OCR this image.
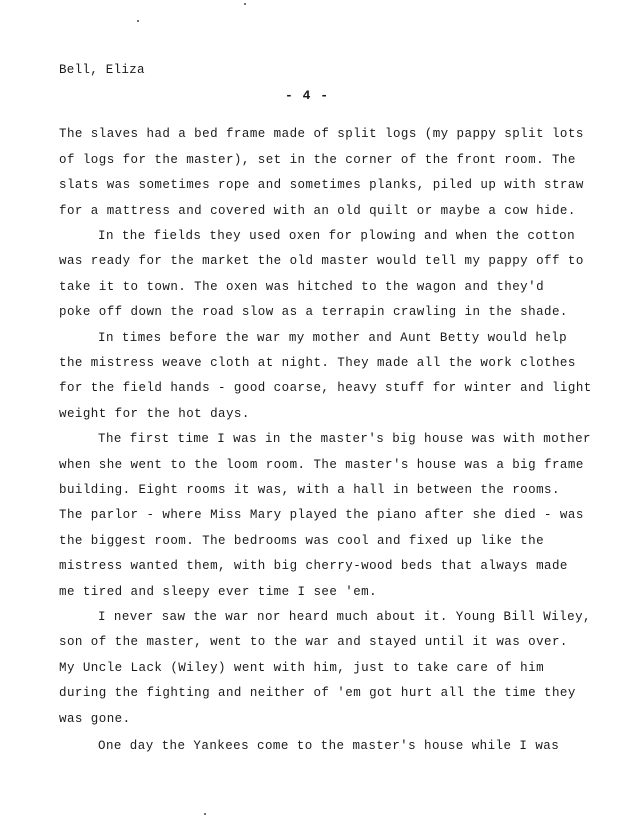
Bell, Eliza
- 4 -
The slaves had a bed frame made of split logs (my pappy split lots
of logs for the master), set in the corner of the front room. The
slats was sometimes rope and sometimes planks, piled up with straw
for a mattress and covered with an old quilt or maybe a cow hide.
In the fields they used oxen for plowing and when the cotton
was ready for the market the old master would tell my pappy off to
take it to town. The oxen was hitched to the wagon and they'd
poke off down the road slow as a terrapin crawling in the shade.
In times before the war my mother and Aunt Betty would help
the mistress weave cloth at night. They made all the work clothes
for the field hands - good coarse, heavy stuff for winter and light
weight for the hot days.
The first time I was in the master's big house was with mother
when she went to the loom room. The master's house was a big frame
building. Eight rooms it was, with a hall in between the rooms.
The parlor - where Miss Mary played the piano after she died - was
the biggest room. The bedrooms was cool and fixed up like the
mistress wanted them, with big cherry-wood beds that always made
me tired and sleepy ever time I see 'em.
I never saw the war nor heard much about it. Young Bill Wiley,
son of the master, went to the war and stayed until it was over.
My Uncle Lack (Wiley) went with him, just to take care of him
during the fighting and neither of 'em got hurt all the time they
was gone.
One day the Yankees come to the master's house while I was
